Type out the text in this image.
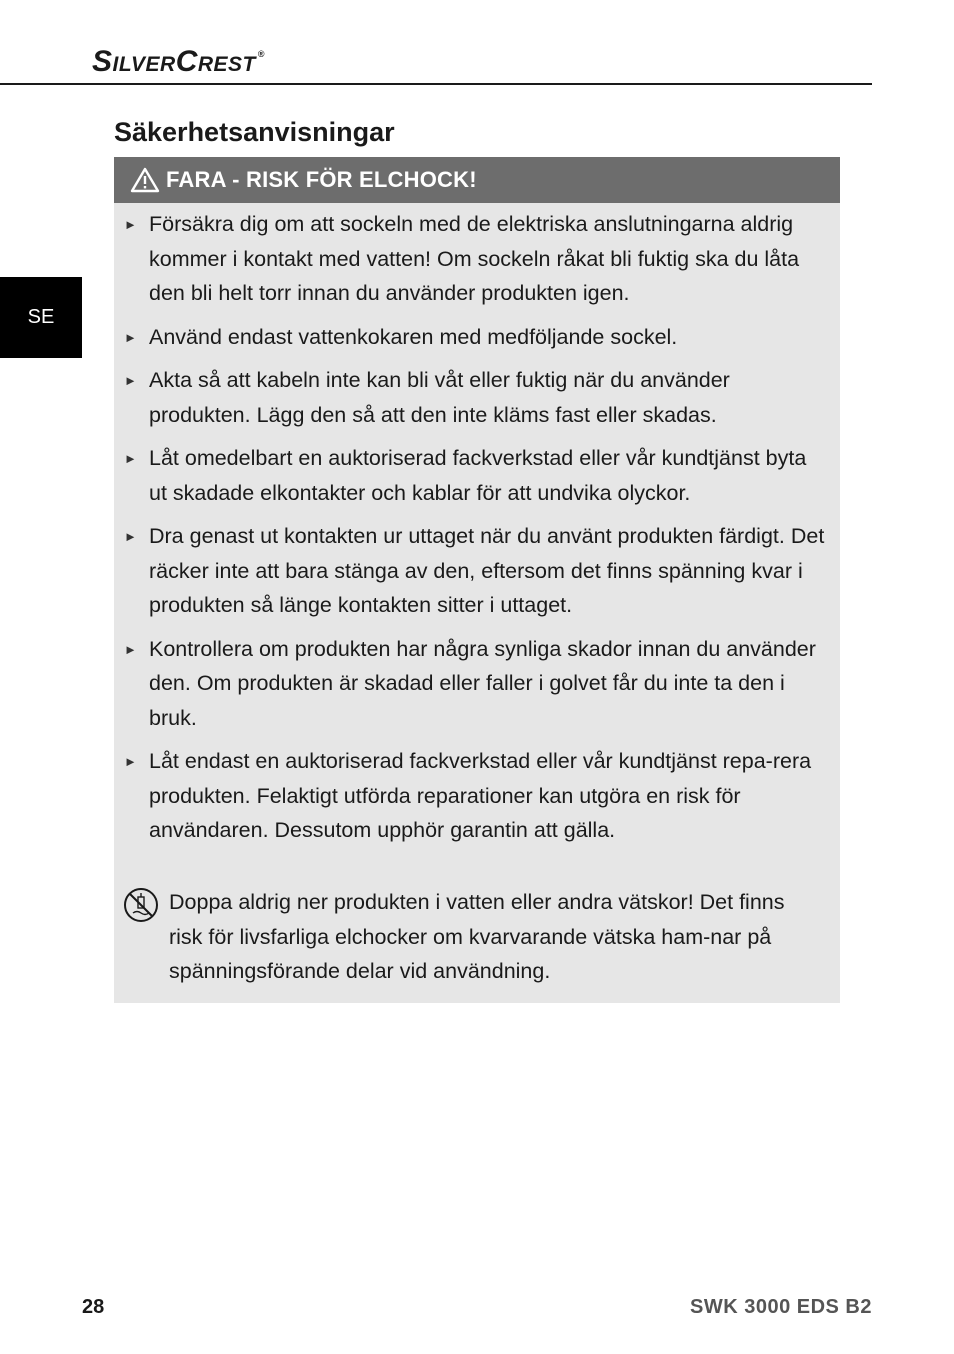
SilverCrest ®
SE
Säkerhetsanvisningar
FARA - RISK FÖR ELCHOCK!
► Försäkra dig om att sockeln med de elektriska anslutningarna aldrig kommer i kontakt med vatten! Om sockeln råkat bli fuktig ska du låta den bli helt torr innan du använder produkten igen.
► Använd endast vattenkokaren med medföljande sockel.
► Akta så att kabeln inte kan bli våt eller fuktig när du använder produkten. Lägg den så att den inte kläms fast eller skadas.
► Låt omedelbart en auktoriserad fackverkstad eller vår kundtjänst byta ut skadade elkontakter och kablar för att undvika olyckor.
► Dra genast ut kontakten ur uttaget när du använt produkten färdigt. Det räcker inte att bara stänga av den, eftersom det finns spänning kvar i produkten så länge kontakten sitter i uttaget.
► Kontrollera om produkten har några synliga skador innan du använder den. Om produkten är skadad eller faller i golvet får du inte ta den i bruk.
► Låt endast en auktoriserad fackverkstad eller vår kundtjänst repa-rera produkten. Felaktigt utförda reparationer kan utgöra en risk för användaren. Dessutom upphör garantin att gälla.
Doppa aldrig ner produkten i vatten eller andra vätskor! Det finns risk för livsfarliga elchocker om kvarvarande vätska ham-nar på spänningsförande delar vid användning.
28	SWK 3000 EDS B2
